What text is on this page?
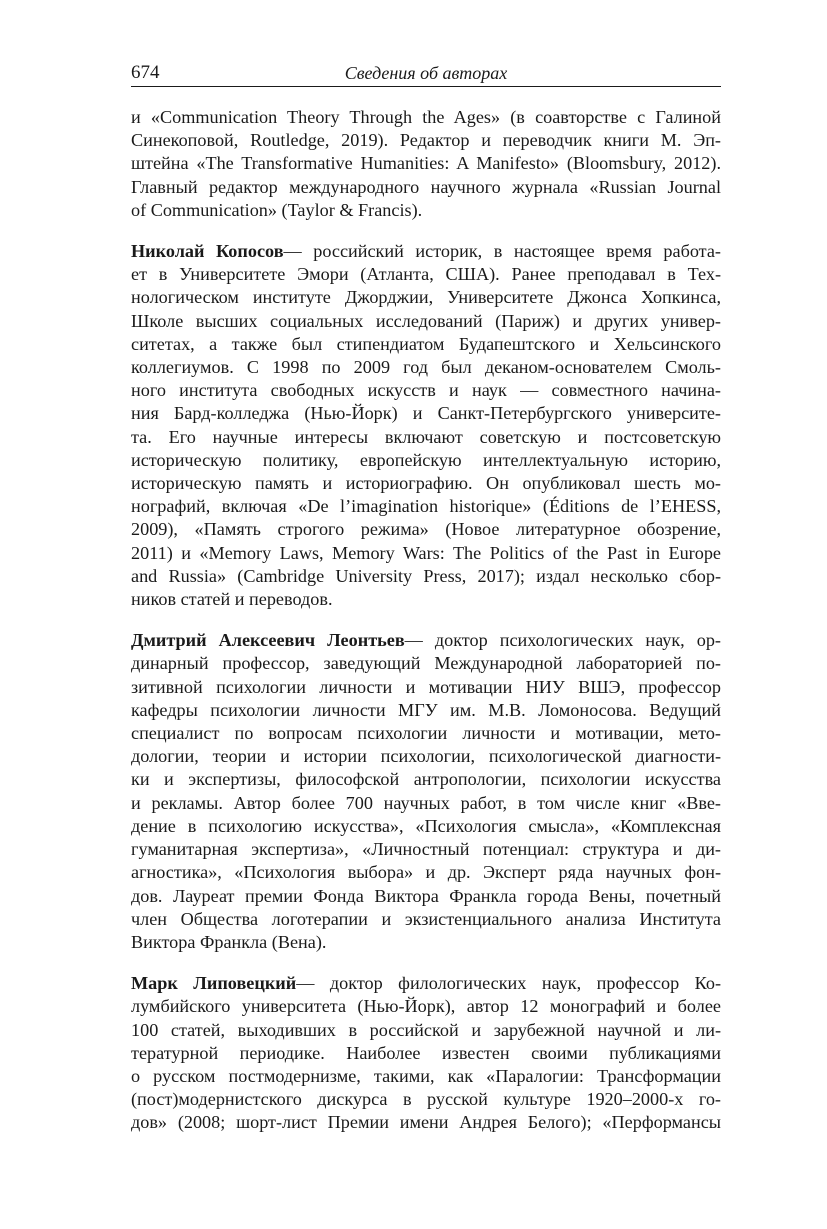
674	Сведения об авторах
и «Communication Theory Through the Ages» (в соавторстве с Галиной
Синекоповой, Routledge, 2019). Редактор и переводчик книги М. Эп-
штейна «The Transformative Humanities: A Manifesto» (Bloomsbury, 2012).
Главный редактор международного научного журнала «Russian Journal
of Communication» (Taylor & Francis).
Николай Копосов— российский историк, в настоящее время работа-
ет в Университете Эмори (Атланта, США). Ранее преподавал в Тех-
нологическом институте Джорджии, Университете Джонса Хопкинса,
Школе высших социальных исследований (Париж) и других универ-
ситетах, а также был стипендиатом Будапештского и Хельсинского
коллегиумов. С 1998 по 2009 год был деканом-основателем Смоль-
ного института свободных искусств и наук — совместного начина-
ния Бард-колледжа (Нью-Йорк) и Санкт-Петербургского университе-
та. Его научные интересы включают советскую и постсоветскую
историческую политику, европейскую интеллектуальную историю,
историческую память и историографию. Он опубликовал шесть мо-
нографий, включая «De l’imagination historique» (Éditions de l’EHESS,
2009), «Память строгого режима» (Новое литературное обозрение,
2011) и «Memory Laws, Memory Wars: The Politics of the Past in Europe
and Russia» (Cambridge University Press, 2017); издал несколько сбор-
ников статей и переводов.
Дмитрий Алексеевич Леонтьев— доктор психологических наук, ор-
динарный профессор, заведующий Международной лабораторией по-
зитивной психологии личности и мотивации НИУ ВШЭ, профессор
кафедры психологии личности МГУ им. М.В. Ломоносова. Ведущий
специалист по вопросам психологии личности и мотивации, мето-
дологии, теории и истории психологии, психологической диагности-
ки и экспертизы, философской антропологии, психологии искусства
и рекламы. Автор более 700 научных работ, в том числе книг «Вве-
дение в психологию искусства», «Психология смысла», «Комплексная
гуманитарная экспертиза», «Личностный потенциал: структура и ди-
агностика», «Психология выбора» и др. Эксперт ряда научных фон-
дов. Лауреат премии Фонда Виктора Франкла города Вены, почетный
член Общества логотерапии и экзистенциального анализа Института
Виктора Франкла (Вена).
Марк Липовецкий— доктор филологических наук, профессор Ко-
лумбийского университета (Нью-Йорк), автор 12 монографий и более
100 статей, выходивших в российской и зарубежной научной и ли-
тературной периодике. Наиболее известен своими публикациями
о русском постмодернизме, такими, как «Паралогии: Трансформации
(пост)модернистского дискурса в русской культуре 1920–2000-х го-
дов» (2008; шорт-лист Премии имени Андрея Белого); «Перформансы
